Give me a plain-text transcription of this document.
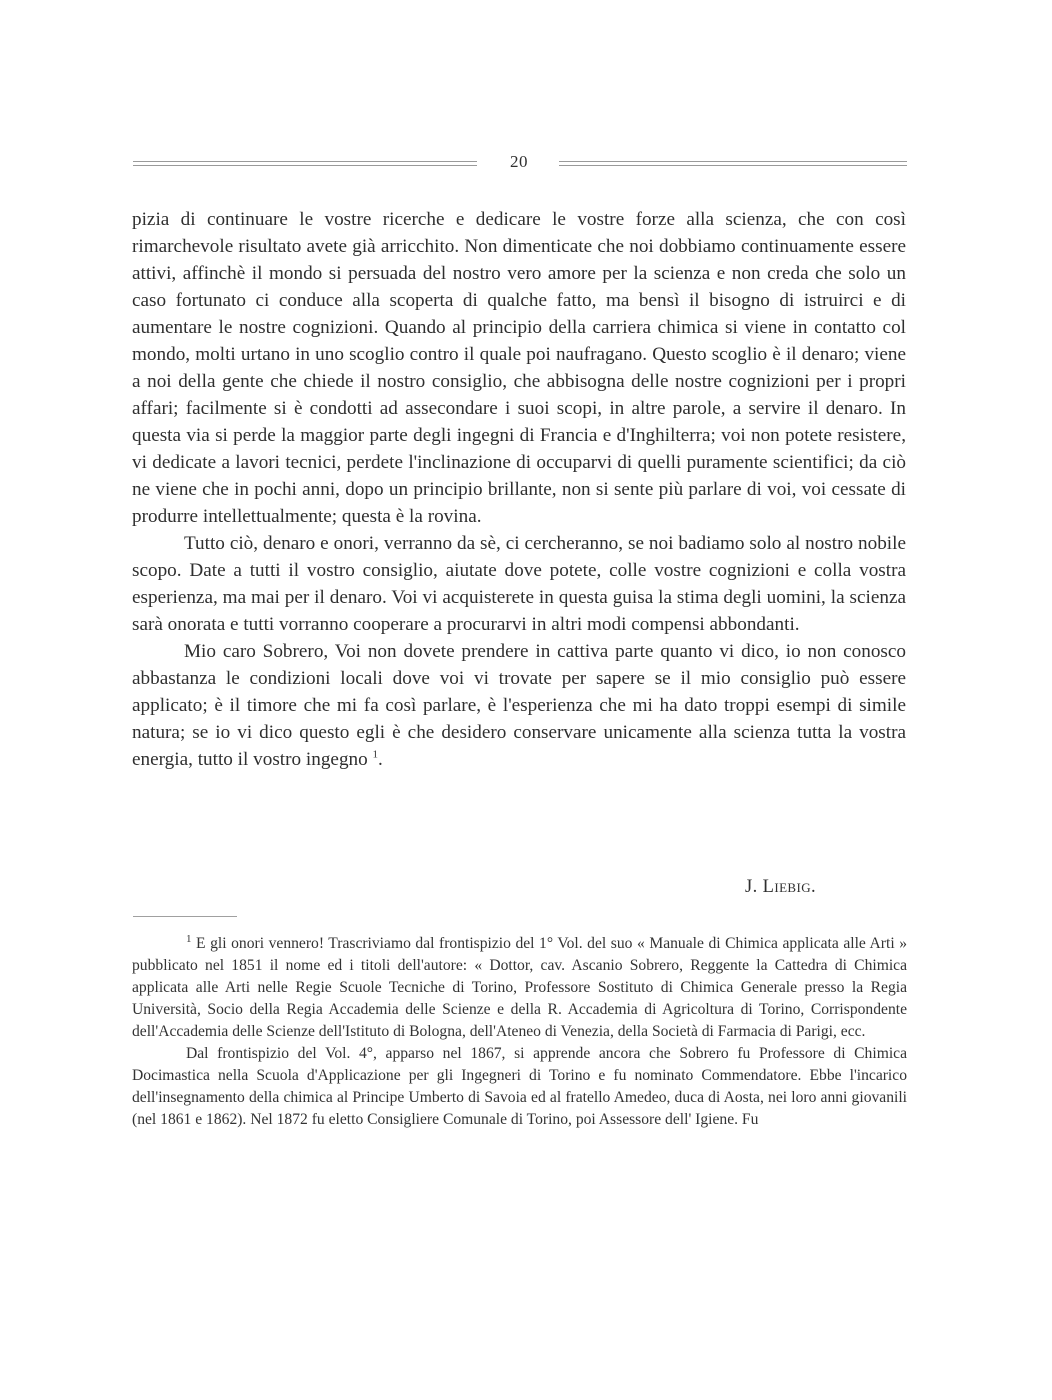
20

pizia di continuare le vostre ricerche e dedicare le vostre forze alla scienza, che con così rimarchevole risultato avete già arricchito. Non dimenticate che noi dobbiamo continuamente essere attivi, affinchè il mondo si persuada del nostro vero amore per la scienza e non creda che solo un caso fortunato ci conduce alla scoperta di qualche fatto, ma bensì il bisogno di istruirci e di aumentare le nostre cognizioni. Quando al principio della carriera chimica si viene in contatto col mondo, molti urtano in uno scoglio contro il quale poi naufragano. Questo scoglio è il denaro; viene a noi della gente che chiede il nostro consiglio, che abbisogna delle nostre cognizioni per i propri affari; facilmente si è condotti ad assecondare i suoi scopi, in altre parole, a servire il denaro. In questa via si perde la maggior parte degli ingegni di Francia e d'Inghilterra; voi non potete resistere, vi dedicate a lavori tecnici, perdete l'inclinazione di occuparvi di quelli puramente scientifici; da ciò ne viene che in pochi anni, dopo un principio brillante, non si sente più parlare di voi, voi cessate di produrre intellettualmente; questa è la rovina.

Tutto ciò, denaro e onori, verranno da sè, ci cercheranno, se noi badiamo solo al nostro nobile scopo. Date a tutti il vostro consiglio, aiutate dove potete, colle vostre cognizioni e colla vostra esperienza, ma mai per il denaro. Voi vi acquisterete in questa guisa la stima degli uomini, la scienza sarà onorata e tutti vorranno cooperare a procurarvi in altri modi compensi abbondanti.

Mio caro Sobrero, Voi non dovete prendere in cattiva parte quanto vi dico, io non conosco abbastanza le condizioni locali dove voi vi trovate per sapere se il mio consiglio può essere applicato; è il timore che mi fa così parlare, è l'esperienza che mi ha dato troppi esempi di simile natura; se io vi dico questo egli è che desidero conservare unicamente alla scienza tutta la vostra energia, tutto il vostro ingegno $^1$.

J. Liebig.

$^1$ E gli onori vennero! Trascriviamo dal frontispizio del 1° Vol. del suo « Manuale di Chimica applicata alle Arti » pubblicato nel 1851 il nome ed i titoli dell'autore: « Dottor, cav. Ascanio Sobrero, Reggente la Cattedra di Chimica applicata alle Arti nelle Regie Scuole Tecniche di Torino, Professore Sostituto di Chimica Generale presso la Regia Università, Socio della Regia Accademia delle Scienze e della R. Accademia di Agricoltura di Torino, Corrispondente dell'Accademia delle Scienze dell'Istituto di Bologna, dell'Ateneo di Venezia, della Società di Farmacia di Parigi, ecc.

Dal frontispizio del Vol. 4°, apparso nel 1867, si apprende ancora che Sobrero fu Professore di Chimica Docimastica nella Scuola d'Applicazione per gli Ingegneri di Torino e fu nominato Commendatore. Ebbe l'incarico dell'insegnamento della chimica al Principe Umberto di Savoia ed al fratello Amedeo, duca di Aosta, nei loro anni giovanili (nel 1861 e 1862). Nel 1872 fu eletto Consigliere Comunale di Torino, poi Assessore dell' Igiene. Fu
